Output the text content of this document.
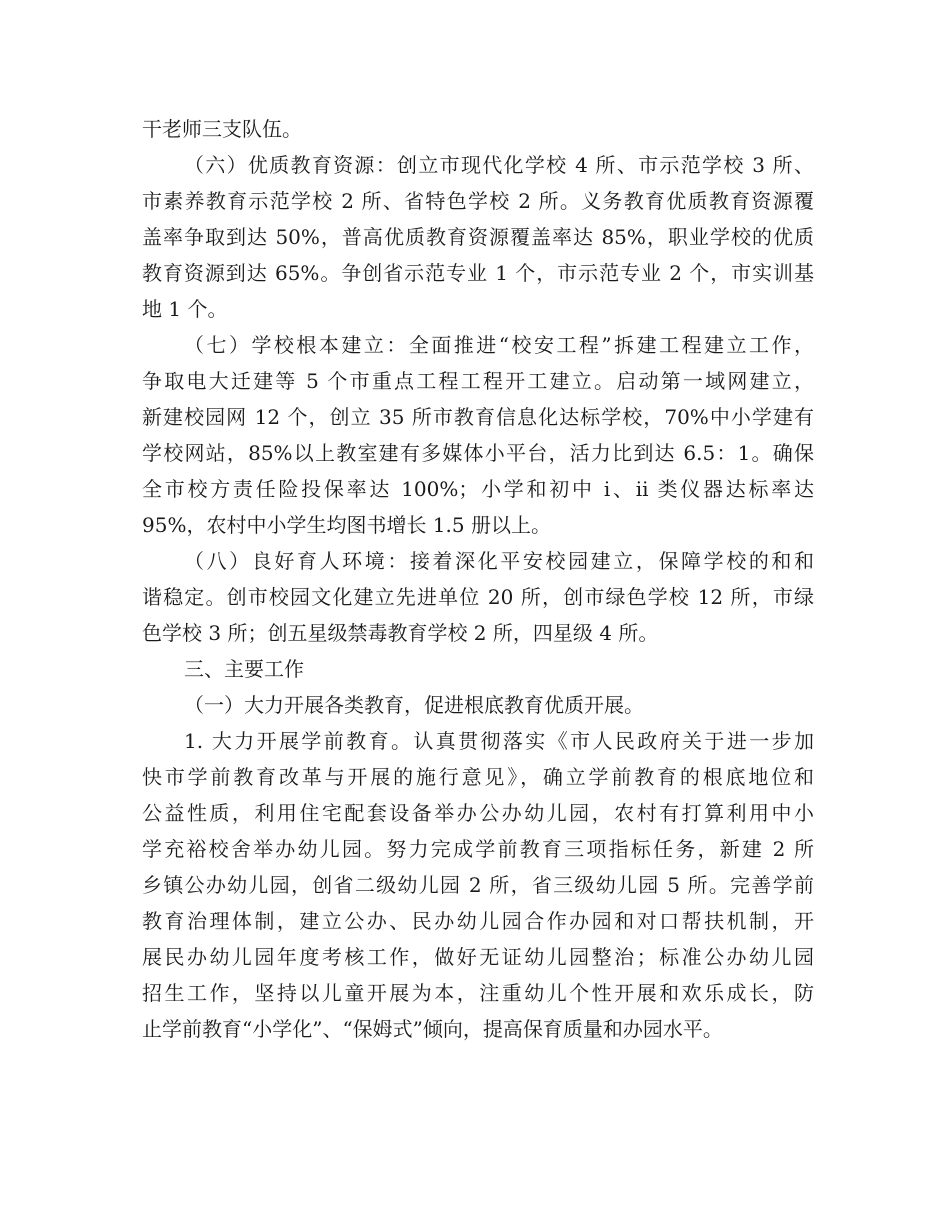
干老师三支队伍。
（六）优质教育资源：创立市现代化学校 4 所、市示范学校 3 所、
市素养教育示范学校 2 所、省特色学校 2 所。义务教育优质教育资源覆
盖率争取到达 50%，普高优质教育资源覆盖率达 85%，职业学校的优质
教育资源到达 65%。争创省示范专业 1 个，市示范专业 2 个，市实训基
地 1 个。
（七）学校根本建立：全面推进“校安工程”拆建工程建立工作，
争取电大迁建等 5 个市重点工程工程开工建立。启动第一域网建立，
新建校园网 12 个，创立 35 所市教育信息化达标学校，70%中小学建有
学校网站，85%以上教室建有多媒体小平台，活力比到达 6.5：1。确保
全市校方责任险投保率达 100%；小学和初中 i、ii 类仪器达标率达
95%，农村中小学生均图书增长 1.5 册以上。
（八）良好育人环境：接着深化平安校园建立，保障学校的和和
谐稳定。创市校园文化建立先进单位 20 所，创市绿色学校 12 所，市绿
色学校 3 所；创五星级禁毒教育学校 2 所，四星级 4 所。
三、主要工作
（一）大力开展各类教育，促进根底教育优质开展。
1. 大力开展学前教育。认真贯彻落实《市人民政府关于进一步加
快市学前教育改革与开展的施行意见》，确立学前教育的根底地位和
公益性质，利用住宅配套设备举办公办幼儿园，农村有打算利用中小
学充裕校舍举办幼儿园。努力完成学前教育三项指标任务，新建 2 所
乡镇公办幼儿园，创省二级幼儿园 2 所，省三级幼儿园 5 所。完善学前
教育治理体制，建立公办、民办幼儿园合作办园和对口帮扶机制，开
展民办幼儿园年度考核工作，做好无证幼儿园整治；标准公办幼儿园
招生工作，坚持以儿童开展为本，注重幼儿个性开展和欢乐成长，防
止学前教育“小学化”、“保姆式”倾向，提高保育质量和办园水平。
